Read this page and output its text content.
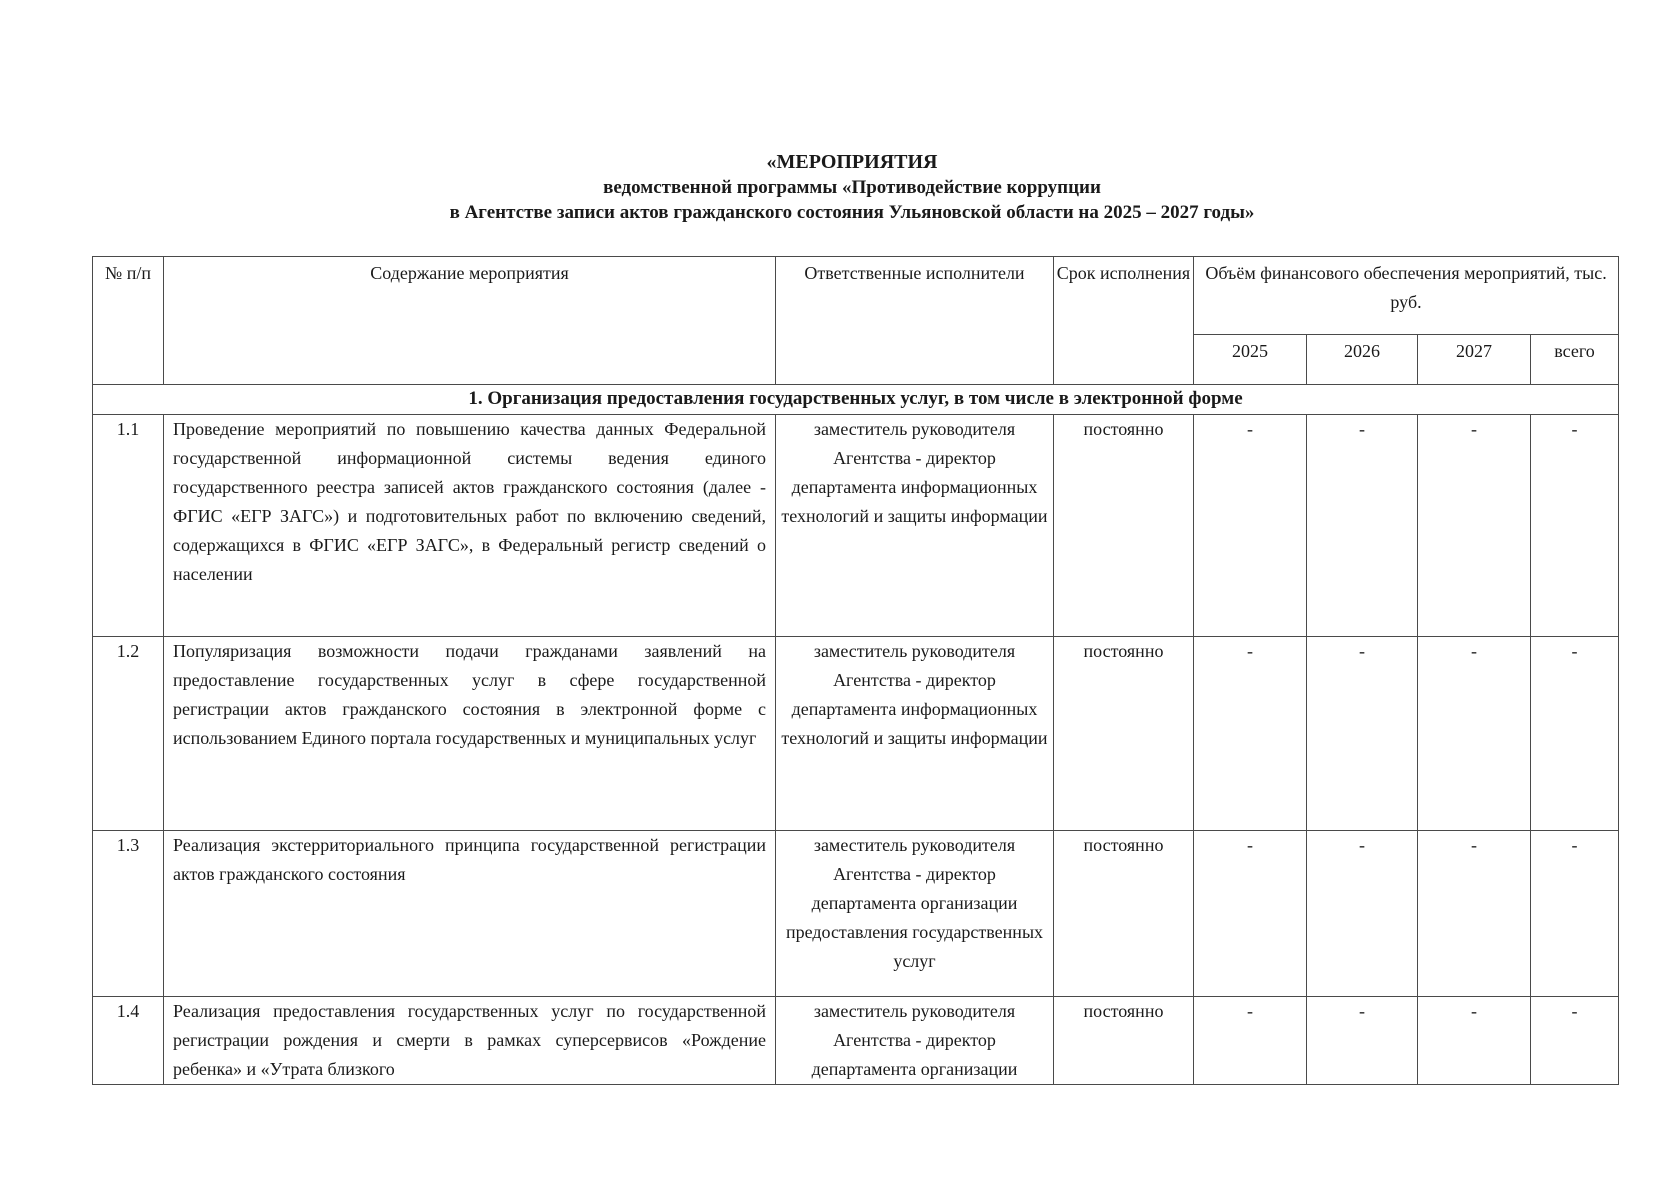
«МЕРОПРИЯТИЯ
ведомственной программы «Противодействие коррупции
в Агентстве записи актов гражданского состояния Ульяновской области на 2025 – 2027 годы»
№ п/п	Содержание мероприятия	Ответственные исполнители	Срок исполнения	Объём финансового обеспечения мероприятий, тыс. руб.			
				2025	2026	2027	всего
1. Организация предоставления государственных услуг, в том числе в электронной форме							
1.1	Проведение мероприятий по повышению качества данных Федеральной государственной информационной системы ведения единого государственного реестра записей актов гражданского состояния (далее - ФГИС «ЕГР ЗАГС») и подготовительных работ по включению сведений, содержащихся в ФГИС «ЕГР ЗАГС», в Федеральный регистр сведений о населении	заместитель руководителя Агентства - директор департамента информационных технологий и защиты информации	постоянно	-	-	-	-
1.2	Популяризация возможности подачи гражданами заявлений на предоставление государственных услуг в сфере государственной регистрации актов гражданского состояния в электронной форме с использованием Единого портала государственных и муниципальных услуг	заместитель руководителя Агентства - директор департамента информационных технологий и защиты информации	постоянно	-	-	-	-
1.3	Реализация экстерриториального принципа государственной регистрации актов гражданского состояния	заместитель руководителя Агентства - директор департамента организации предоставления государственных услуг	постоянно	-	-	-	-
1.4	Реализация предоставления государственных услуг по государственной регистрации рождения и смерти в рамках суперсервисов «Рождение ребенка» и «Утрата близкого	заместитель руководителя Агентства - директор департамента организации	постоянно	-	-	-	-
